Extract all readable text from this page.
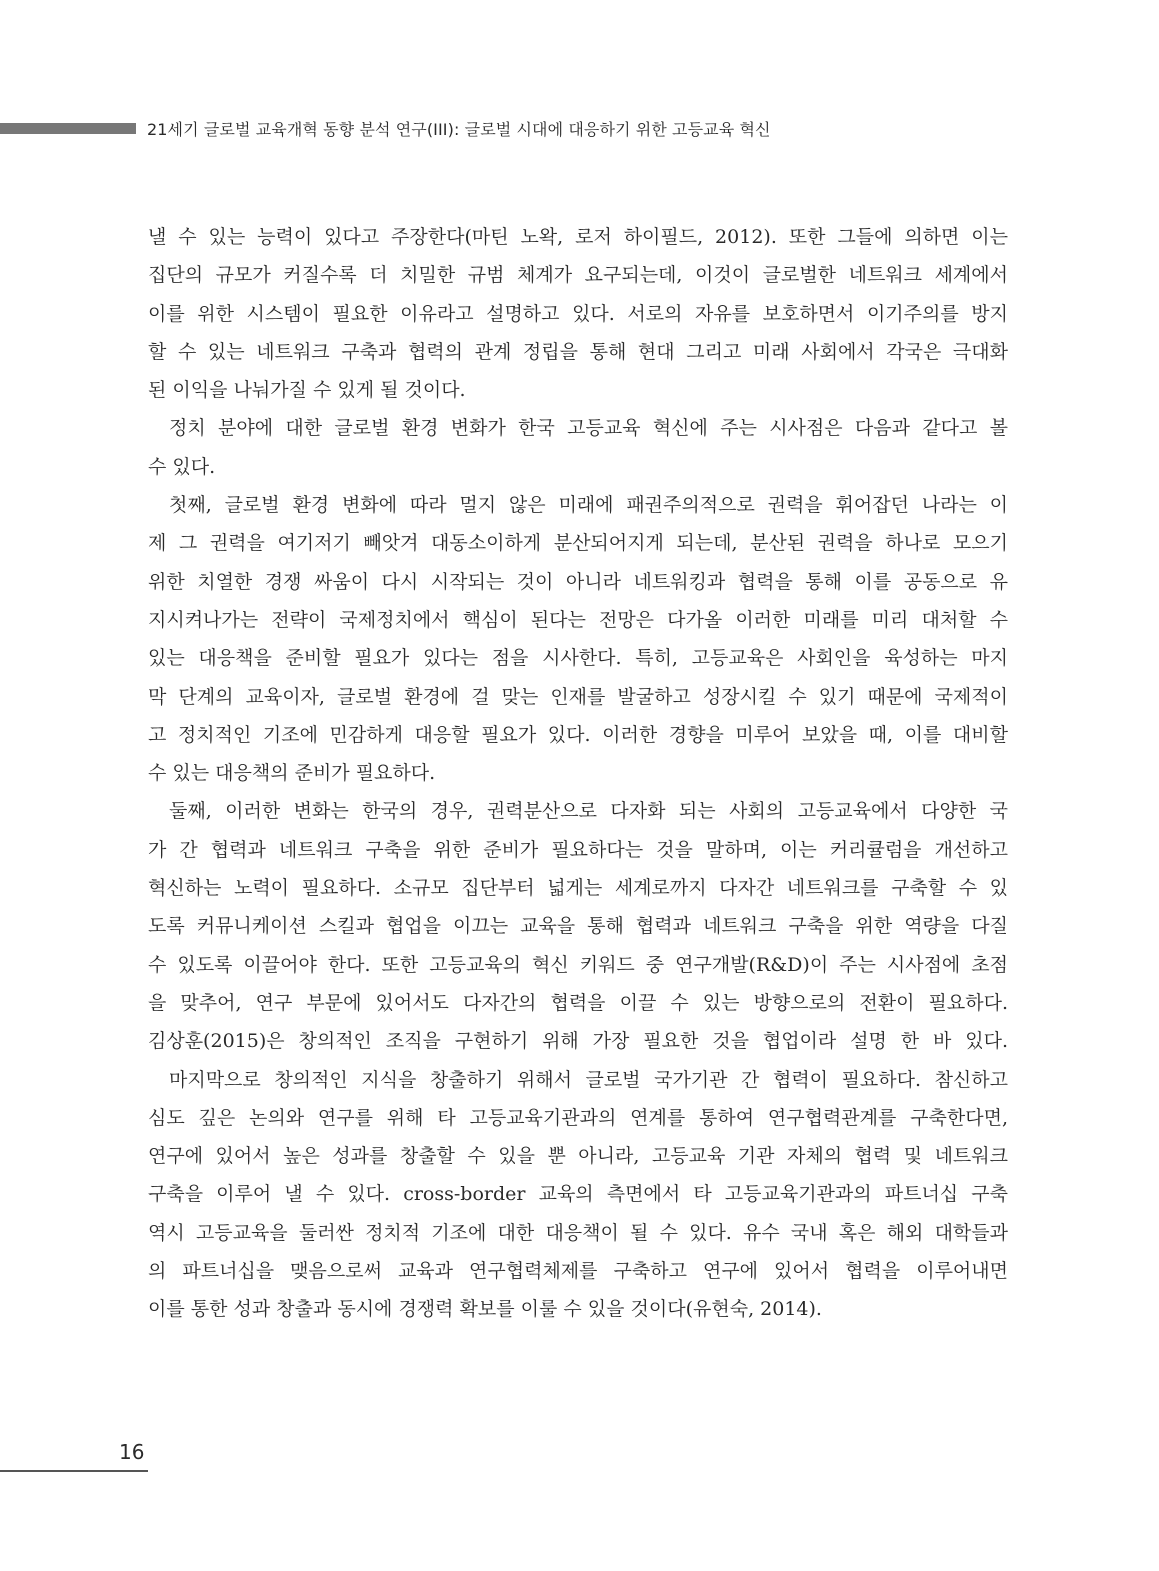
21세기 글로벌 교육개혁 동향 분석 연구(III): 글로벌 시대에 대응하기 위한 고등교육 혁신
낼 수 있는 능력이 있다고 주장한다(마틴 노왁, 로저 하이필드, 2012). 또한 그들에 의하면 이는
집단의 규모가 커질수록 더 치밀한 규범 체계가 요구되는데, 이것이 글로벌한 네트워크 세계에서
이를 위한 시스템이 필요한 이유라고 설명하고 있다. 서로의 자유를 보호하면서 이기주의를 방지
할 수 있는 네트워크 구축과 협력의 관계 정립을 통해 현대 그리고 미래 사회에서 각국은 극대화
된 이익을 나눠가질 수 있게 될 것이다.
정치 분야에 대한 글로벌 환경 변화가 한국 고등교육 혁신에 주는 시사점은 다음과 같다고 볼
수 있다.
첫째, 글로벌 환경 변화에 따라 멀지 않은 미래에 패권주의적으로 권력을 휘어잡던 나라는 이
제 그 권력을 여기저기 빼앗겨 대동소이하게 분산되어지게 되는데, 분산된 권력을 하나로 모으기
위한 치열한 경쟁 싸움이 다시 시작되는 것이 아니라 네트워킹과 협력을 통해 이를 공동으로 유
지시켜나가는 전략이 국제정치에서 핵심이 된다는 전망은 다가올 이러한 미래를 미리 대처할 수
있는 대응책을 준비할 필요가 있다는 점을 시사한다. 특히, 고등교육은 사회인을 육성하는 마지
막 단계의 교육이자, 글로벌 환경에 걸 맞는 인재를 발굴하고 성장시킬 수 있기 때문에 국제적이
고 정치적인 기조에 민감하게 대응할 필요가 있다. 이러한 경향을 미루어 보았을 때, 이를 대비할
수 있는 대응책의 준비가 필요하다.
둘째, 이러한 변화는 한국의 경우, 권력분산으로 다자화 되는 사회의 고등교육에서 다양한 국
가 간 협력과 네트워크 구축을 위한 준비가 필요하다는 것을 말하며, 이는 커리큘럼을 개선하고
혁신하는 노력이 필요하다. 소규모 집단부터 넓게는 세계로까지 다자간 네트워크를 구축할 수 있
도록 커뮤니케이션 스킬과 협업을 이끄는 교육을 통해 협력과 네트워크 구축을 위한 역량을 다질
수 있도록 이끌어야 한다. 또한 고등교육의 혁신 키워드 중 연구개발(R&D)이 주는 시사점에 초점
을 맞추어, 연구 부문에 있어서도 다자간의 협력을 이끌 수 있는 방향으로의 전환이 필요하다.
김상훈(2015)은 창의적인 조직을 구현하기 위해 가장 필요한 것을 협업이라 설명 한 바 있다.
마지막으로 창의적인 지식을 창출하기 위해서 글로벌 국가기관 간 협력이 필요하다. 참신하고
심도 깊은 논의와 연구를 위해 타 고등교육기관과의 연계를 통하여 연구협력관계를 구축한다면,
연구에 있어서 높은 성과를 창출할 수 있을 뿐 아니라, 고등교육 기관 자체의 협력 및 네트워크
구축을 이루어 낼 수 있다. cross-border 교육의 측면에서 타 고등교육기관과의 파트너십 구축
역시 고등교육을 둘러싼 정치적 기조에 대한 대응책이 될 수 있다. 유수 국내 혹은 해외 대학들과
의 파트너십을 맺음으로써 교육과 연구협력체제를 구축하고 연구에 있어서 협력을 이루어내면
이를 통한 성과 창출과 동시에 경쟁력 확보를 이룰 수 있을 것이다(유현숙, 2014).
16
